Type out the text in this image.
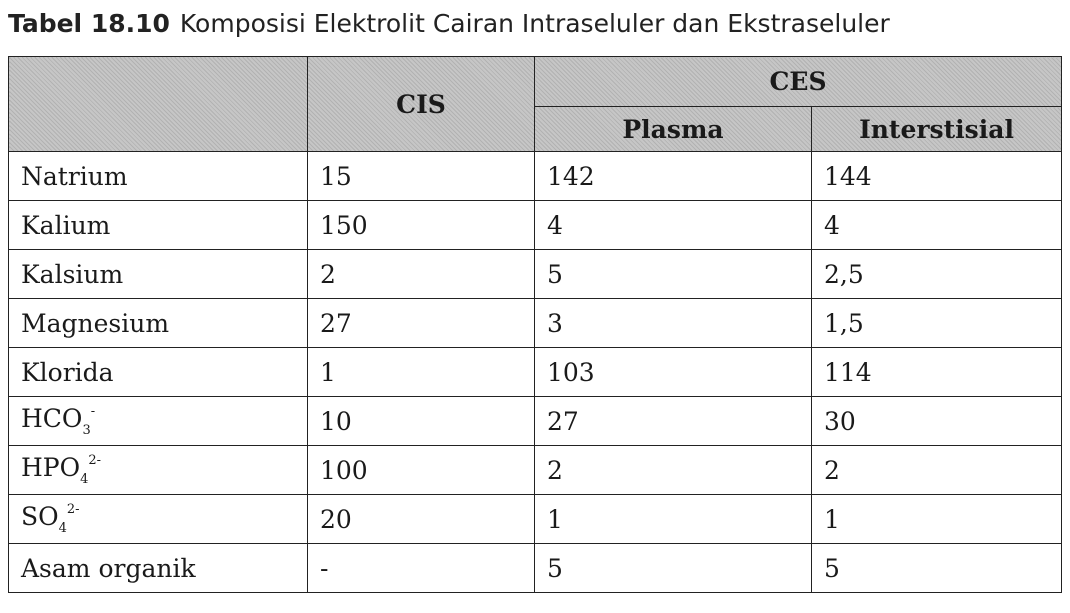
Tabel 18.10 Komposisi Elektrolit Cairan Intraseluler dan Ekstraseluler
	CIS	CES	
		Plasma	Interstisial
Natrium	15	142	144
Kalium	150	4	4
Kalsium	2	5	2,5
Magnesium	27	3	1,5
Klorida	1	103	114
$HCO_3^-$	10	27	30
$HPO_4^{2-}$	100	2	2
$SO_4^{2-}$	20	1	1
Asam organik	-	5	5
